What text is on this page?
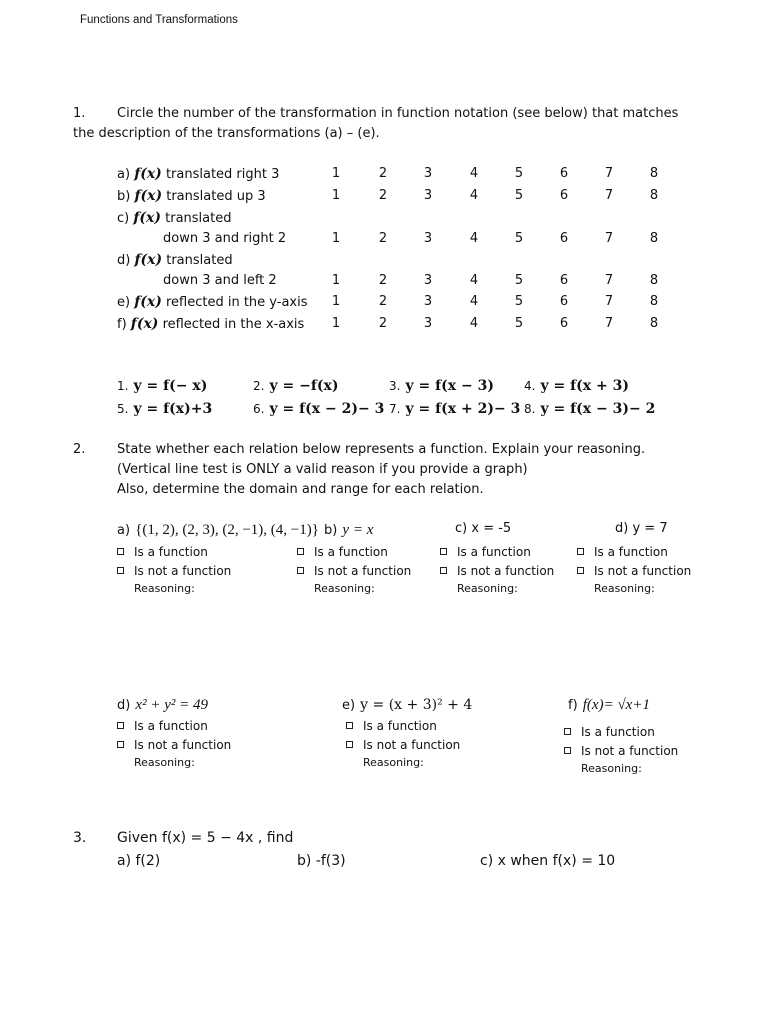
Functions and Transformations
1. Circle the number of the transformation in function notation (see below) that matches
the description of the transformations (a) – (e).
a) f(x) translated right 3	1	2	3	4	5	6	7	8
b) f(x) translated up 3	1	2	3	4	5	6	7	8
c) f(x) translated
down 3 and right 2	1	2	3	4	5	6	7	8
d) f(x) translated
down 3 and left 2	1	2	3	4	5	6	7	8
e) f(x) reflected in the y-axis	1	2	3	4	5	6	7	8
f) f(x) reflected in the x-axis	1	2	3	4	5	6	7	8
1. y = f(− x)	2. y = −f(x)	3. y = f(x − 3)	4. y = f(x + 3)
5. y = f(x)+3	6. y = f(x − 2)− 3 7. y = f(x + 2)− 3 8. y = f(x − 3)− 2
2. State whether each relation below represents a function. Explain your reasoning.
(Vertical line test is ONLY a valid reason if you provide a graph)
Also, determine the domain and range for each relation.
a) {(1, 2), (2, 3), (2, −1), (4, −1)} b) y = x	c) x = -5	d) y = 7
Is a function
Is not a function
Reasoning:
Is a function
Is not a function
Reasoning:
Is a function
Is not a function
Reasoning:
Is a function
Is not a function
Reasoning:
d) x² + y² = 49	e) y = (x + 3)² + 4	f) f(x)= √x+1
Is a function
Is not a function
Reasoning:
Is a function
Is not a function
Reasoning:
Is a function
Is not a function
Reasoning:
3. Given f(x) = 5 − 4x , find
a) f(2)	b) -f(3)	c) x when f(x) = 10
